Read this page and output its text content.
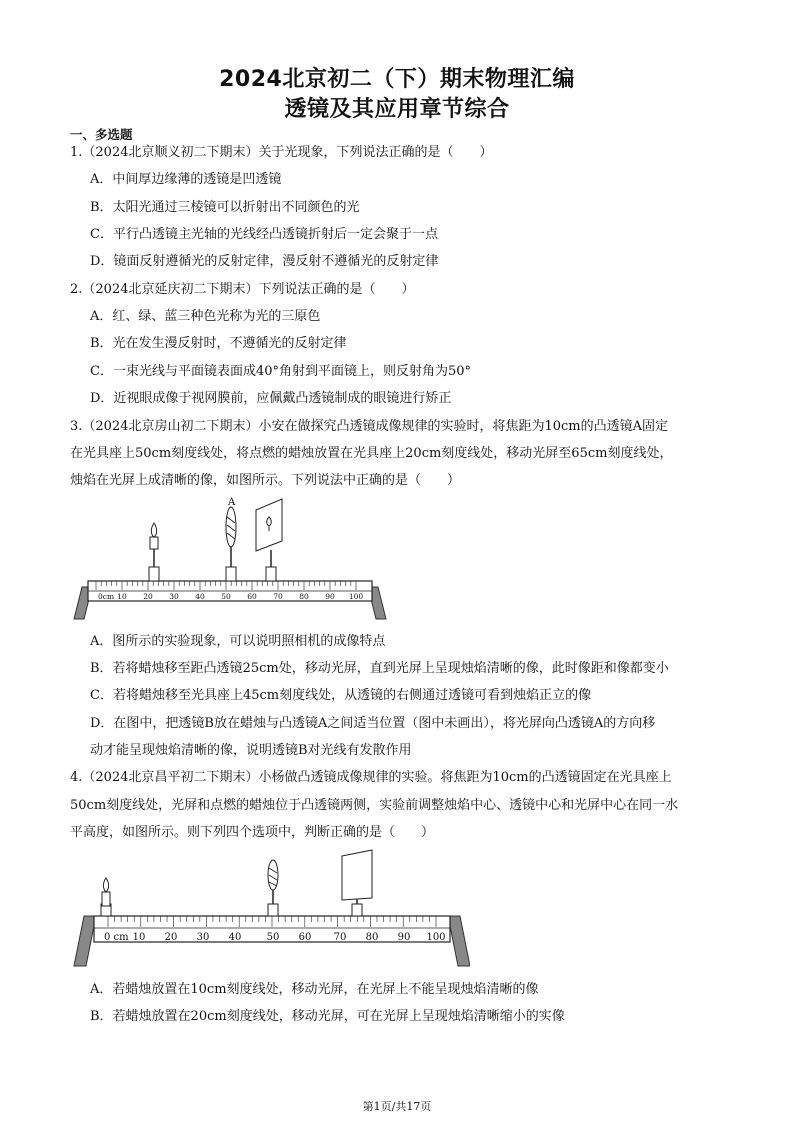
2024北京初二（下）期末物理汇编
透镜及其应用章节综合
一、多选题
1.（2024北京顺义初二下期末）关于光现象，下列说法正确的是（　　）
A．中间厚边缘薄的透镜是凹透镜
B．太阳光通过三棱镜可以折射出不同颜色的光
C．平行凸透镜主光轴的光线经凸透镜折射后一定会聚于一点
D．镜面反射遵循光的反射定律，漫反射不遵循光的反射定律
2.（2024北京延庆初二下期末）下列说法正确的是（　　）
A．红、绿、蓝三种色光称为光的三原色
B．光在发生漫反射时，不遵循光的反射定律
C．一束光线与平面镜表面成40°角射到平面镜上，则反射角为50°
D．近视眼成像于视网膜前，应佩戴凸透镜制成的眼镜进行矫正
3.（2024北京房山初二下期末）小安在做探究凸透镜成像规律的实验时，将焦距为10cm的凸透镜A固定
在光具座上50cm刻度线处，将点燃的蜡烛放置在光具座上20cm刻度线处，移动光屏至65cm刻度线处，
烛焰在光屏上成清晰的像，如图所示。下列说法中正确的是（　　）
0cm 10 20 30 40 50 60 70 80 90 100
A
A．图所示的实验现象，可以说明照相机的成像特点
B．若将蜡烛移至距凸透镜25cm处，移动光屏，直到光屏上呈现烛焰清晰的像，此时像距和像都变小
C．若将蜡烛移至光具座上45cm刻度线处，从透镜的右侧通过透镜可看到烛焰正立的像
D．在图中，把透镜B放在蜡烛与凸透镜A之间适当位置（图中未画出），将光屏向凸透镜A的方向移
动才能呈现烛焰清晰的像，说明透镜B对光线有发散作用
4.（2024北京昌平初二下期末）小杨做凸透镜成像规律的实验。将焦距为10cm的凸透镜固定在光具座上
50cm刻度线处，光屏和点燃的蜡烛位于凸透镜两侧，实验前调整烛焰中心、透镜中心和光屏中心在同一水
平高度，如图所示。则下列四个选项中，判断正确的是（　　）
0 cm 10 20 30 40	50 60 70 80 90 100
A．若蜡烛放置在10cm刻度线处，移动光屏，在光屏上不能呈现烛焰清晰的像
B．若蜡烛放置在20cm刻度线处，移动光屏，可在光屏上呈现烛焰清晰缩小的实像
第1页/共17页
